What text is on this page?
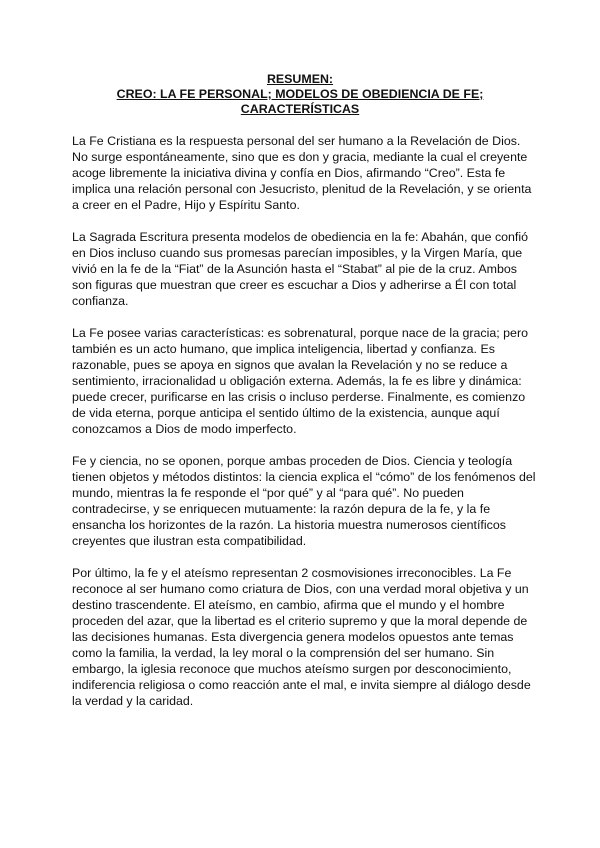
RESUMEN:
CREO: LA FE PERSONAL; MODELOS DE OBEDIENCIA DE FE;
CARACTERÍSTICAS

La Fe Cristiana es la respuesta personal del ser humano a la Revelación de Dios.
No surge espontáneamente, sino que es don y gracia, mediante la cual el creyente
acoge libremente la iniciativa divina y confía en Dios, afirmando “Creo”. Esta fe
implica una relación personal con Jesucristo, plenitud de la Revelación, y se orienta
a creer en el Padre, Hijo y Espíritu Santo.

La Sagrada Escritura presenta modelos de obediencia en la fe: Abahán, que confió
en Dios incluso cuando sus promesas parecían imposibles, y la Virgen María, que
vivió en la fe de la “Fiat” de la Asunción hasta el “Stabat” al pie de la cruz. Ambos
son figuras que muestran que creer es escuchar a Dios y adherirse a Él con total
confianza.

La Fe posee varias características: es sobrenatural, porque nace de la gracia; pero
también es un acto humano, que implica inteligencia, libertad y confianza. Es
razonable, pues se apoya en signos que avalan la Revelación y no se reduce a
sentimiento, irracionalidad u obligación externa. Además, la fe es libre y dinámica:
puede crecer, purificarse en las crisis o incluso perderse. Finalmente, es comienzo
de vida eterna, porque anticipa el sentido último de la existencia, aunque aquí
conozcamos a Dios de modo imperfecto.

Fe y ciencia, no se oponen, porque ambas proceden de Dios. Ciencia y teología
tienen objetos y métodos distintos: la ciencia explica el “cómo” de los fenómenos del
mundo, mientras la fe responde el “por qué” y al “para qué”. No pueden
contradecirse, y se enriquecen mutuamente: la razón depura de la fe, y la fe
ensancha los horizontes de la razón. La historia muestra numerosos científicos
creyentes que ilustran esta compatibilidad.

Por último, la fe y el ateísmo representan 2 cosmovisiones irreconocibles. La Fe
reconoce al ser humano como criatura de Dios, con una verdad moral objetiva y un
destino trascendente. El ateísmo, en cambio, afirma que el mundo y el hombre
proceden del azar, que la libertad es el criterio supremo y que la moral depende de
las decisiones humanas. Esta divergencia genera modelos opuestos ante temas
como la familia, la verdad, la ley moral o la comprensión del ser humano. Sin
embargo, la iglesia reconoce que muchos ateísmo surgen por desconocimiento,
indiferencia religiosa o como reacción ante el mal, e invita siempre al diálogo desde
la verdad y la caridad.
